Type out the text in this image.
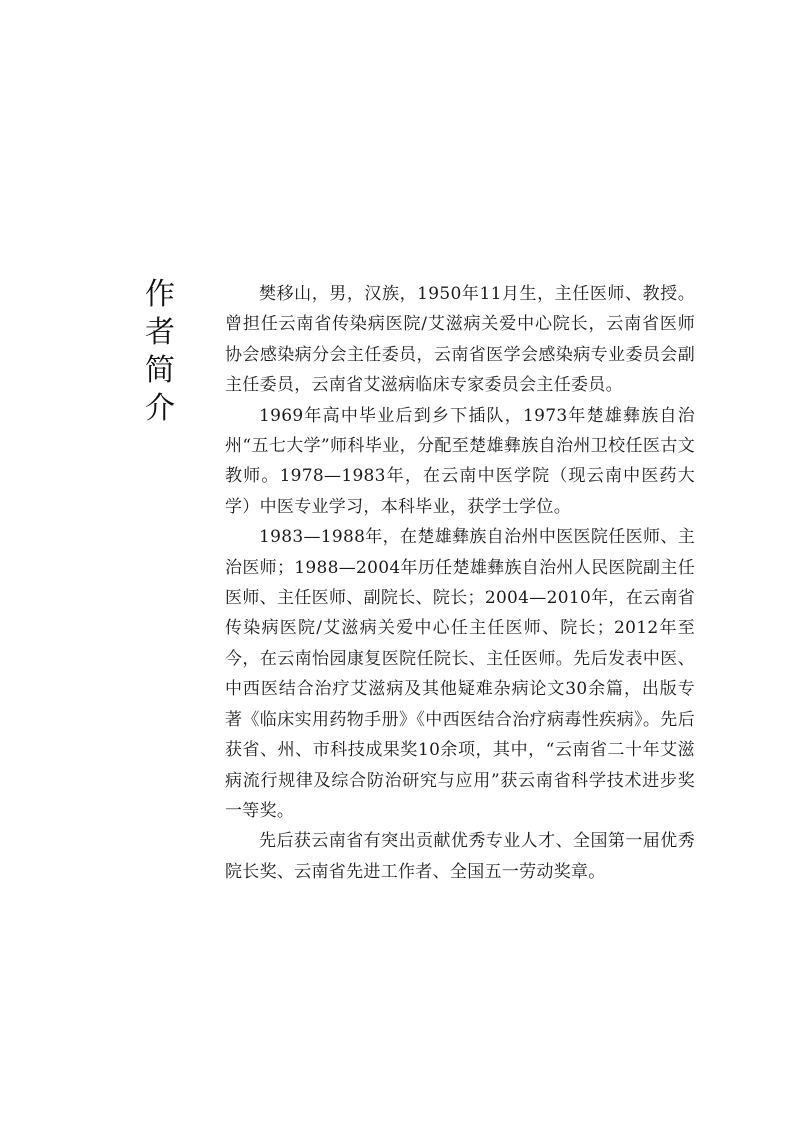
作
者
简
介

樊移山，男，汉族，1950年11月生，主任医师、教授。曾担任云南省传染病医院/艾滋病关爱中心院长，云南省医师协会感染病分会主任委员，云南省医学会感染病专业委员会副主任委员，云南省艾滋病临床专家委员会主任委员。

1969年高中毕业后到乡下插队，1973年楚雄彝族自治州“五七大学”师科毕业，分配至楚雄彝族自治州卫校任医古文教师。1978—1983年，在云南中医学院（现云南中医药大学）中医专业学习，本科毕业，获学士学位。

1983—1988年，在楚雄彝族自治州中医医院任医师、主治医师；1988—2004年历任楚雄彝族自治州人民医院副主任医师、主任医师、副院长、院长；2004—2010年，在云南省传染病医院/艾滋病关爱中心任主任医师、院长；2012年至今，在云南怡园康复医院任院长、主任医师。先后发表中医、中西医结合治疗艾滋病及其他疑难杂病论文30余篇，出版专著《临床实用药物手册》《中西医结合治疗病毒性疾病》。先后获省、州、市科技成果奖10余项，其中，“云南省二十年艾滋病流行规律及综合防治研究与应用”获云南省科学技术进步奖一等奖。

先后获云南省有突出贡献优秀专业人才、全国第一届优秀院长奖、云南省先进工作者、全国五一劳动奖章。
